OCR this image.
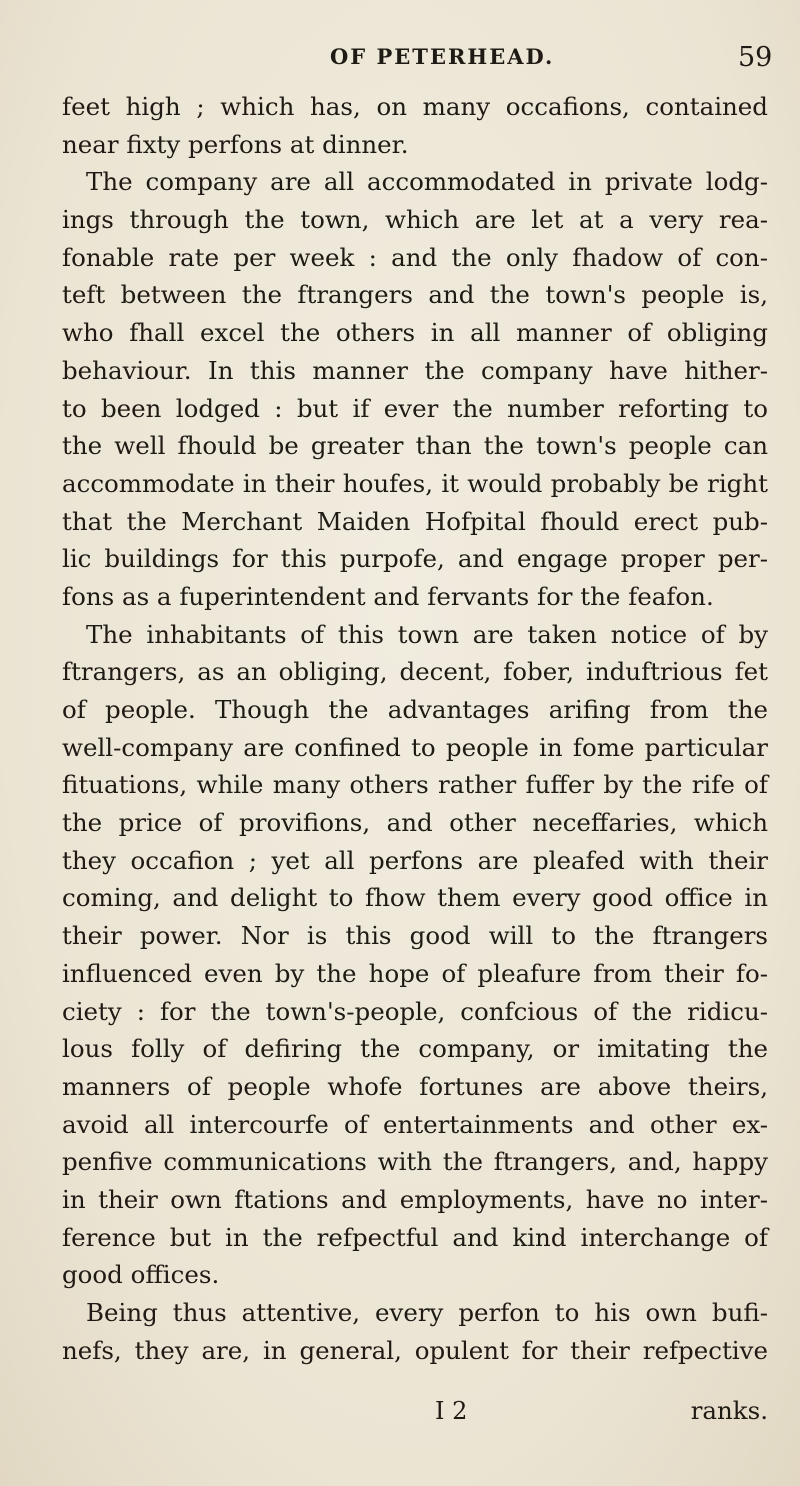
OF PETERHEAD.	59
feet high ; which has, on many occafions, contained
near fixty perfons at dinner.
The company are all accommodated in private lodg-
ings through the town, which are let at a very rea-
fonable rate per week : and the only fhadow of con-
teft between the ftrangers and the town's people is,
who fhall excel the others in all manner of obliging
behaviour. In this manner the company have hither-
to been lodged : but if ever the number reforting to
the well fhould be greater than the town's people can
accommodate in their houfes, it would probably be right
that the Merchant Maiden Hofpital fhould erect pub-
lic buildings for this purpofe, and engage proper per-
fons as a fuperintendent and fervants for the feafon.
The inhabitants of this town are taken notice of by
ftrangers, as an obliging, decent, fober, induftrious fet
of people. Though the advantages arifing from the
well-company are confined to people in fome particular
fituations, while many others rather fuffer by the rife of
the price of provifions, and other neceffaries, which
they occafion ; yet all perfons are pleafed with their
coming, and delight to fhow them every good office in
their power. Nor is this good will to the ftrangers
influenced even by the hope of pleafure from their fo-
ciety : for the town's-people, confcious of the ridicu-
lous folly of defiring the company, or imitating the
manners of people whofe fortunes are above theirs,
avoid all intercourfe of entertainments and other ex-
penfive communications with the ftrangers, and, happy
in their own ftations and employments, have no inter-
ference but in the refpectful and kind interchange of
good offices.
Being thus attentive, every perfon to his own bufi-
nefs, they are, in general, opulent for their refpective
I 2	ranks.
